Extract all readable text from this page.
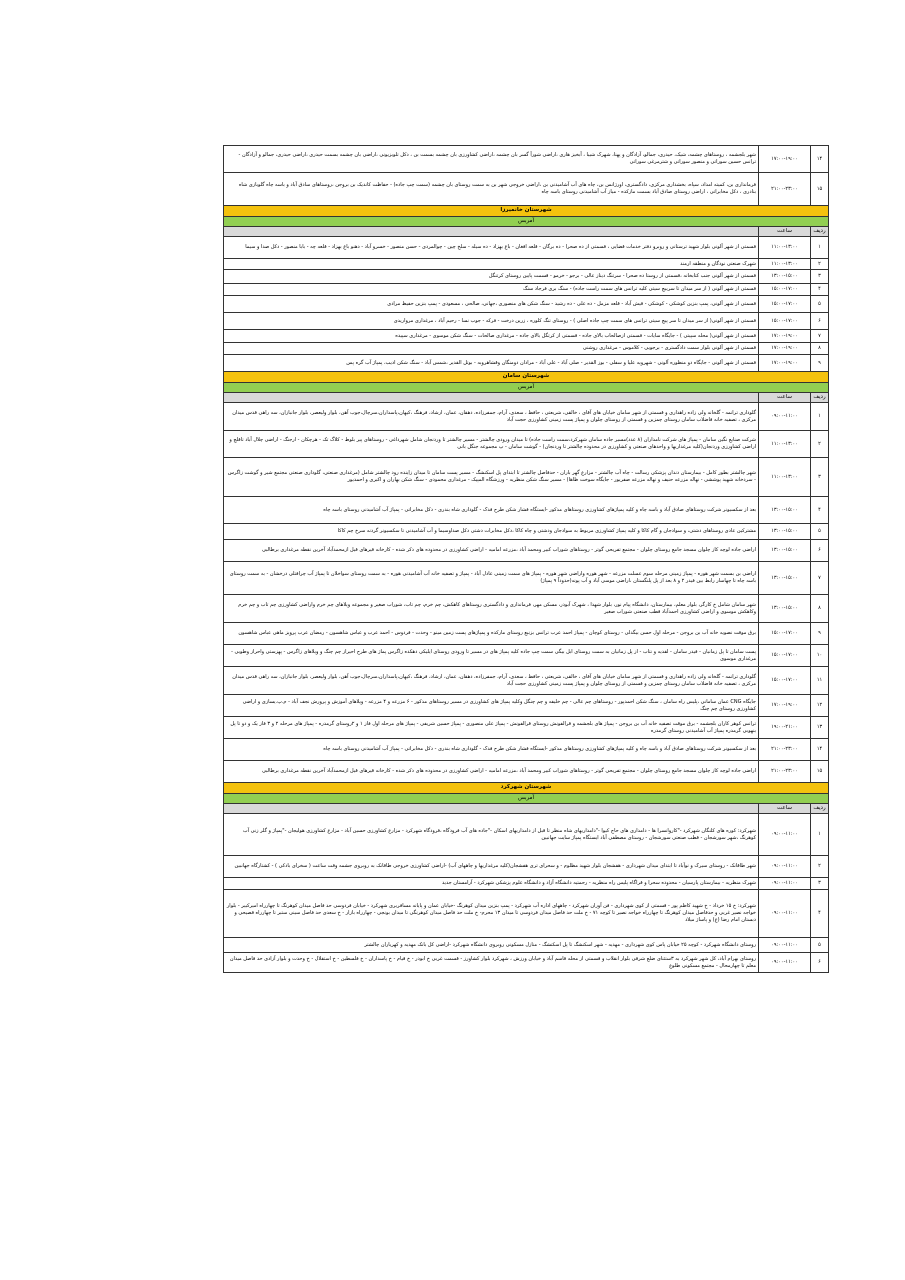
۱۴	۱۷:۰۰-۱۹:۰۰	شهر بلجشمه ، روستاهای چشمه، شیک، حیدری، جمالو، آزادگان و پهنا، شهرک شیبا ، آبخیز هاری ،اراضی شورآ گسر بان چشمه ،اراضی کشاورزی بان چشمه بسمت بن ، دکل تلوبزیونی ،اراضی بان چشمه بسمت حیدری ،اراضی حیدری، جمالو و آزادگان - ترانس حسین سوراتی و منصور سوراتی و شترمرغی سوراتی
۱۵	۲۱:۰۰-۲۳:۰۰	فرمانداری بن، کمیته امداد، سپاه، بخشداری مرکزی، دادگستری، اورژانس بن، چاه های آب آشامیدنی بن ،اراضی خروجی شهر بن به سمت روستای بان چشمه (سمت چپ جاده) - حفاظت کانديک بن بروجن ،روستاهای سادق آباد و باسه چاه گلوبازی شاه بنادری ، دکل مخابراتی ، اراضی روستای صادق آباد بسمت مازکده - میاز آب آشامیدنی روستای باسه چاه
شهرستان خانمیرزا		
آمربس		
ردیف	ساعت	
۱	۱۱:۰۰-۱۳:۰۰	قسمتی از شهر آلونی بلوار شهید ترستانی و روبرو دفتر خدمات قضایی ، قسمتی از ده صحرا - ده برگان - قلعه افغان - باغ بهزاد - ده سیله - سلخ چین - چوالمردی - حسن منصور - خسرو آباد - دهنو باغ بهزاد - قلعه چه - بابا منصور - دکل صدا و سیما
۲	۱۱:۰۰-۱۳:۰۰	شهرک صنعتی نوذگان و منطقه ارمند
۳	۱۳:۰۰-۱۵:۰۰	قسمتی از شهر آلونی جنب کتابخانه ،قسمتی از روستا ده صحرا - سرتنگ دیناز عالی - برجو - خرمو - قسمت پایین روستای کرتنگل
۴	۱۵:۰۰-۱۷:۰۰	قسمتی از شهر آلونی ( از سر میدان تا سربیچ سیتی کلیه ترانس های سمت راست جاده) - سنگ بری فرجاد سنگ
۵	۱۵:۰۰-۱۷:۰۰	قسمتی از شهر آلونی، پمپ بنزین کوشکی - کوشکی - قیش آباد - قلعه مزمل - ده علی - ده رشید - سنگ شکن های منصوری ،جهانی، صالحی ، مسعودی - پمپ بنزین حفیظ مرادی
۶	۱۵:۰۰-۱۷:۰۰	قسمتی از شهر آلونی( از سر میدان تا سر پیچ سیتی ترانس های سمت چپ جاده اصلی ) - روستای تنگ کلوره ، زرین درخت - فرکه - جوب نسا - رحیم آباد ، مرغداری مرواریدی
۷	۱۷:۰۰-۱۹:۰۰	قسمتی از شهر آلونی( محله سپیتی ) - جایگاه سایات - قسمتی ازصالحاب بالای جاده - قسمتی از کرتگل بالای جاده - مرغداری صالحات - سنگ شکن موسوی - مرغداری سپیده
۸	۱۷:۰۰-۱۹:۰۰	قسمتی از شهر آلونی بلوار سمت دادگستری - برجویی - کلاموس - مرغداری روشنی
۹	۱۷:۰۰-۱۹:۰۰	قسمتی از شهر آلونی - جایگاه دو منظوره آلونی - شهرویه علیا و سفلی - بوز القدیر - صلی آباد - علی آباد - مرادان دومنگان وقشاهروبه - بوتل القدیر ،شمس آباد - سنگ شکن ادیب، پمپاژ آب گره پس
شهرستان سامان		
آمربس		
ردیف	ساعت	
۱	۰۹:۰۰-۱۱:۰۰	گلوداری ترانمه - گلخانه ولی زاده راهداری و قسمتی از شهر سامان خیابان های آقای ، خالقی، شریعتی ، حافظ ، سعدی، آرام، جمفرزاده، دهقان، عمان، ارشاد، فرهنگ ،کیهان،پاسداران،سرچال،جوب آهن، بلوار ولیعصر، بلوار جانبازان، سه راهی قدس میدان مرکزی ، تصفیه خانه فاضلاب سامان روستای چمزین و قسمتی از روستای چلوان و پمپاژ پست زمینی کشاورزی حجت آباد
۲	۱۱:۰۰-۱۳:۰۰	شرکت صنایع نگین سامان - پمپاژ های شرکت نامداران (۸ عدد)مسیر جاده سامان شهرکرد،سمت راست جاده) تا میدان ورودی چالشتر - مسیر چالشتر تا وردنجان شامل شهرداغی - روستاهای پیر بلوط - کلاگ تک - هرچکان - ارجنگ - اراضی چلال آباد تاقلچ و اراضی کشاورزی وردنجان(کلیه مرغداریها و واحدهای صنعتی و کشاورزی در محدوده چالشتر تا وردنجان) - گوشت سامان - پ مجموعه جنگل بانی
۳	۱۱:۰۰-۱۳:۰۰	شهر چالشتر بطور کامل - بیمارستان دندان پزشکی رسالت - چاه آب چالشتر - مزارع گهر باران - حدفاصل چالشتر تا ابتدای پل اسکنشگ - مسیر پست سامان تا میدان زاینده رود چالشتر شامل (مرغداری صنعتی، گلوداری صنعتی مجتمع شیر و گوشت زاگرس - سردخانه شهید پوششی - نهاله مزرعه حنیف و نهاله مزرعه صفریور - جایگاه سوخت ظاها) - مسیر سنگ شکن منظریه - ورزشگاه المپیک - مرغداری محمودی - سنگ شکن بهاران و اکبری و احمدیور
۴	۱۳:۰۰-۱۵:۰۰	بعد از سکسیونر شرکت روستاهای صادق آباد و باسه چاه و کلیه پمپاژهای کشاورزی روستاهای مذکور -ایستگاه فشار شکن طرح فدک - گلوداری شاه بندری - دکل مخابراتی - پمپاژ آب آشامیدنی روستای باسه چاه
۵	۱۳:۰۰-۱۵:۰۰	مشترکین عادی روستاهای دشتی، و سوادجان و گام کاکا و کلیه پمپاژ کشاورزی مربوط به سوادجان ودشتی و چاه کاکا ،دکل مخابرات دشتی دکل صداوسیما و آب آشامیدنی تا سکسیونر گردنه سرخ چم کاکا
۶	۱۳:۰۰-۱۵:۰۰	اراضی جاده لوچه کاز چلوان مسجد جامع روستای چلوان - مجتمع تفریحی گوتر - روستاهای شوراب کبیر ومحمد آباد ،مزرعه امامیه - اراضی کشاورزی در محدوده های ذکر شده - کارخانه قیرهای قیل ازمحمدآباد آخرین نقطه مرغداری برطالبی
۷	۱۳:۰۰-۱۵:۰۰	اراضی بن بسمت شهر هوره - پمپاژ زمینی مرحله سوم عسلت مزرعه - شهر هوره واراضی شهر هوره - پمپاژ های سمت زمینی عادل آباد - پمپاژ و تصفیه خانه آب آشامیدنی هوره - به سمت روستای سواخلان تا پمپاژ آب چرافتلی درخشان - به سمت روستای باسه چاه تا چهاسار رابط بین فیدر ۲ و ۸ بعد از پل پلنگستان ،اراضی موسی آباد و آب پونه(حدوداً ۹ پمپاژ)
۸	۱۳:۰۰-۱۵:۰۰	شهر سامان شامل خ کارگر، بلوار معلم، بیمارستان، دانشگاه پیام نور، بلوار شهدا ، شهرک آبوذر، مسکن مهر، فرمانداری و دادگستری روستاهای کاهکش، چم خرم، چم تاب، شوراب صغیر و مجموعه ویلاهای چم خرم واراضی کشاورزی چم تاب و چم خرم وکاهکش موسوی و اراضی کشاورزی احمدآباد قطب صنعتی شوراب صغیر
۹	۱۵:۰۰-۱۷:۰۰	برق موقت نصویه خانه آب بن بروجن - مرحله اول حسن بیگدلی - روستای کوچان - پمپاژ احمد عرب ترانس بزنبع روستای ماركده و پمپاژهای پست زمین مینو - وحدت - فردوس - احمد عرب و عباس شاهسون - رمضان عرب پرویز ماهی عباس شاهسون
۱۰	۱۵:۰۰-۱۷:۰۰	پست سامان تا پل زمانیان - فیدر سامان - لقدیه و نتاب - از پل زمانیان به سمت روستای ابل بیگی سمت چپ جاده کلیه پمپاژ های در مسیر تا ورودی روستای ایلیکی دهکده زاگرس پماژ های طرح احیراز چم چنگ و ویلاهای زاگرس - پهزستی واحراز وطوبی - مرغداری موسوی
۱۱	۱۵:۰۰-۱۷:۰۰	گلوداری ترانمه - گلخانه ولی زاده راهداری و قسمتی از شهر سامان خیابان های آقای ، خالقی، شریعتی ، حافظ ، سعدی، آرام، جمفرزاده، دهقان، عمان، ارشاد، فرهنگ ،کیهان،پاسداران،سرچال،جوب آهن، بلوار ولیعصر، بلوار جانبازان، سه راهی قدس میدان مرکزی ، تصفیه خانه فاضلاب سامان روستای چمزین و قسمتی از روستای چلوان و پمپاژ پست زمینی کشاورزی حجت آباد
۱۲	۱۷:۰۰-۱۹:۰۰	جایگاه CNG عمان سامانی ،پلیس راه سامان ، سنگ شکن احمدپور - روستاهای چم عالی - چم خلیفه و چم چنگل وکلیه پمپاژ های کشاورزی در مسیر روستاهای مذکور - ۶ مزرعه و ۴ مزرعه - ویلاهای آموزش و پرورش نجف آباد - م.پ.یسازی و اراضی کشاورزی روستای چم چنگ
۱۳	۱۹:۰۰-۲۱:۰۰	ترانس کوهر کاران بلجشمه - برق موقت تصفیه خانه آب بن بروجن - پمپاژ های بلجشمه و قرالفونش روستای قرالفونش - پمپاژ علی منصوری - پمپاژ حسین شریفی - پمپاژ های مرحله اول فاز ۱ و ۲روستای گرمدره - پمپاژ های مرحله ۲ و ۳ فاز یک و دو تا پل بنهوبی گرمدره پمپاژ آب آشامیدنی روستای گرمدره
۱۴	۲۱:۰۰-۲۳:۰۰	بعد از سکسیونر شرکت روستاهای صادق آباد و باسه چاه و کلیه پمپاژهای کشاورزی روستاهای مذکور -ایستگاه فشار شکن طرح فدک - گلوداری شاه بندری - دکل مخابراتی - پمپاژ آب آشامیدنی روستای باسه چاه
۱۵	۲۱:۰۰-۲۳:۰۰	اراضی جاده لوچه کاز چلوان مسجد جامع روستای چلوان - مجتمع تفریحی گوتر - روستاهای شوراب کبیر ومحمد آباد ،مزرعه امامیه - اراضی کشاورزی در محدوده های ذکر شده - کارخانه قیرهای قیل ازمحمدآباد آخرین نقطه مرغداری برطالبی
شهرستان شهرکرد		
آمربس		
ردیف	ساعت	
۱	۰۹:۰۰-۱۱:۰۰	شهرکرد: کوره های کلنگان شهرکرد -"کاروانسرا ها - دامداری های حاج کیوا -"دامداریهای شاه منظر تا قبل از دامداریهای اسکان -"جاده های آب فرودگاه ،فرودگاه شهرکرد - مزارع کشاورزی حسین آباد - مزارع کشاورزی هولیجان -"پمپاژ و گلر زنی آب کوهرنگ ،شهر سورشجان - قطب صنعتی سورشجان - روستای مصطفی آباد ایستگاه پمپاژ سایت جهانبین
۲	۰۹:۰۰-۱۱:۰۰	شهر طاقانک - روستای سیرک و نوآباد تا ابتدای میدان شهرداری - هفشجان بلوار شهید مظلوم - و سحرای تری هفشجان(کلیه مرغداریها و چاههای آب) -اراضی کشاورزی خروجی طاقانک به روبروی جشمه وقت ساعت ( سخرای بادکی ) - کشتارگاه جهانبین
۳	۰۹:۰۰-۱۱:۰۰	شهرک منظریه - بیمارستان پارسیان - محدوده سحرا و قراگاه پلیس راه منظریه - رحمتیه دانشگاه آزاد و دانشگاه علوم پزشکی شهرکرد - آرامستان جدید
۴	۰۹:۰۰-۱۱:۰۰	شهرکرد: خ ۱۵ خرداد - خ شهید کاظم پور - قسمتی از کوی شهرداری - فن آوران شهرکرد - چاههای اداره آب شهرکرد - پمپ بنزین میدان کوهرنگ -خیابان عمان و پایانه مسافربری شهرکرد - خیابان فردوسی حد فاصل میدان کوهرنگ تا چهارراه امیرکبیر - بلوار خواجه نصیر غربی و حدفاصل میدان کوهرنگ تا چهارراه خواجه نصیر تا کوچه ۷۱ - خ ملت حد فاصل میدان فردوسی تا میدان ۱۳ محرم- خ ملت حد فاصل میدان کوهرنگی تا میدان بونجی - چهارراه بازار - خ سعدی حد فاصل سینی ستبر تا چهارراه قصیحی و دبستان امام رضا (ع) و پاساژ میلاد
۵	۰۹:۰۰-۱۱:۰۰	روستای دانشگاه شهرکرد - کوچه ۲۵ خیابان پاس کوی شهرداری - مهدیه - شهر اسکنشگ تا پل اسکنشگ - منازل مسکونی روبروی دانشگاه شهرکرد -اراضی کل بانک مهدیه و کهریاران چالشتر
۶	۰۹:۰۰-۱۱:۰۰	روستای بهرام آباد، کل شهر شهرکرد به ۳ستثنای ضلع شرقی بلوار انقلاب و قسمتی از محله قاسم آباد و خیابان ورزش ، شهرکرد بلوار کشاورز - قسمت غربی خ ابوذر - خ قیام - خ پاسداران - خ فلسطین - خ استقلال - خ وحدت و بلوار آزادی حد فاصل میدان معلم تا چهارمحال - مجتمع مسکونی طلوع
